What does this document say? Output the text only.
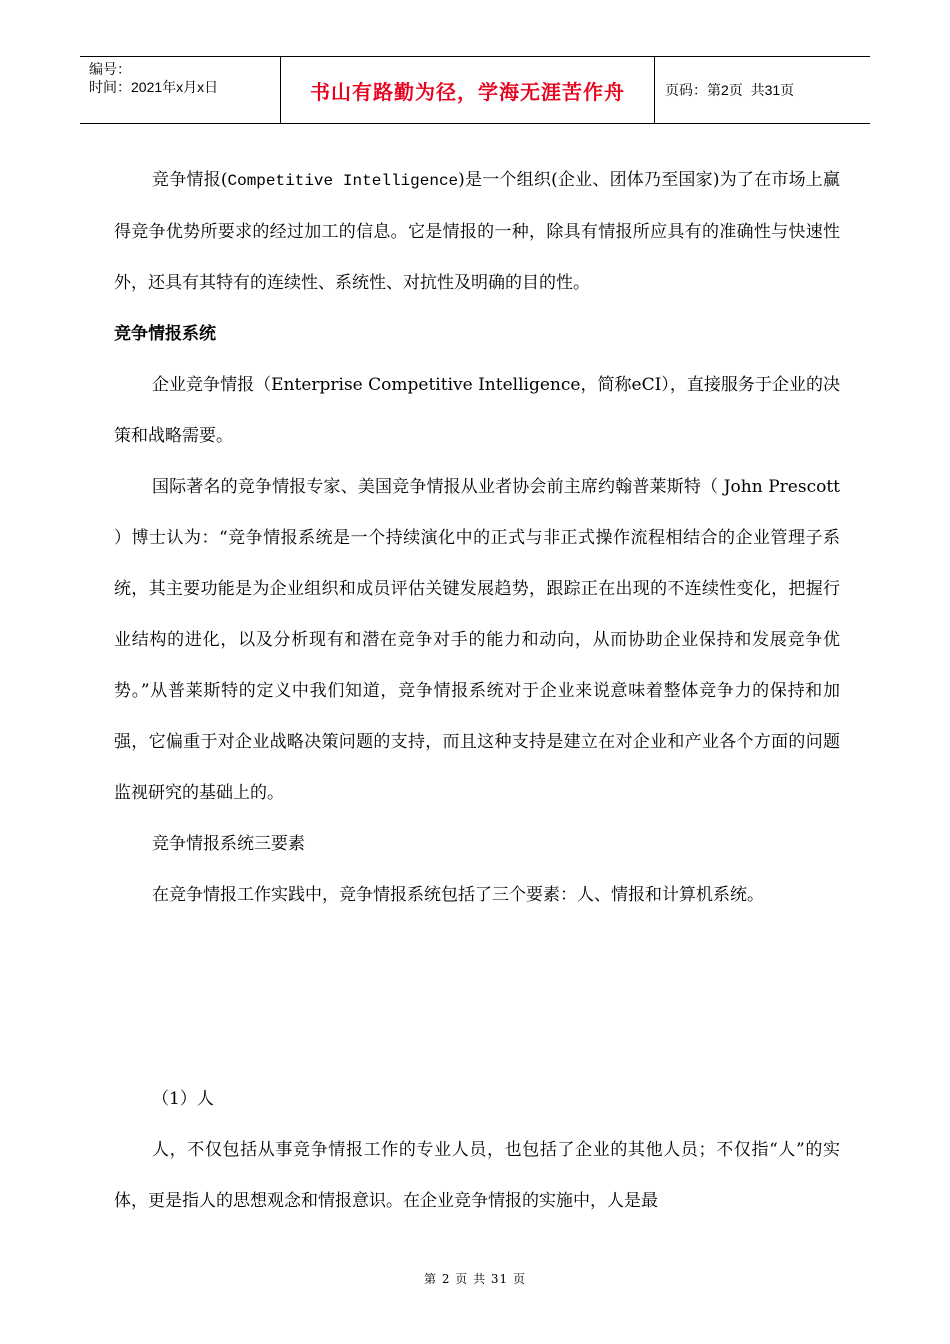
编号：
时间：2021年x月x日	书山有路勤为径，学海无涯苦作舟	页码：第2页  共31页

竞争情报(Competitive Intelligence)是一个组织(企业、团体乃至国家)为了在市场上赢得竞争优势所要求的经过加工的信息。它是情报的一种，除具有情报所应具有的准确性与快速性外，还具有其特有的连续性、系统性、对抗性及明确的目的性。

竞争情报系统

企业竞争情报（Enterprise Competitive Intelligence，简称eCI），直接服务于企业的决策和战略需要。

国际著名的竞争情报专家、美国竞争情报从业者协会前主席约翰普莱斯特（ John Prescott ）博士认为：“竞争情报系统是一个持续演化中的正式与非正式操作流程相结合的企业管理子系统，其主要功能是为企业组织和成员评估关键发展趋势，跟踪正在出现的不连续性变化，把握行业结构的进化，以及分析现有和潜在竞争对手的能力和动向，从而协助企业保持和发展竞争优势。”从普莱斯特的定义中我们知道，竞争情报系统对于企业来说意味着整体竞争力的保持和加强，它偏重于对企业战略决策问题的支持，而且这种支持是建立在对企业和产业各个方面的问题监视研究的基础上的。

竞争情报系统三要素

在竞争情报工作实践中，竞争情报系统包括了三个要素：人、情报和计算机系统。

（1）人

人，不仅包括从事竞争情报工作的专业人员，也包括了企业的其他人员；不仅指“人”的实体，更是指人的思想观念和情报意识。在企业竞争情报的实施中，人是最

第 2 页 共 31 页
